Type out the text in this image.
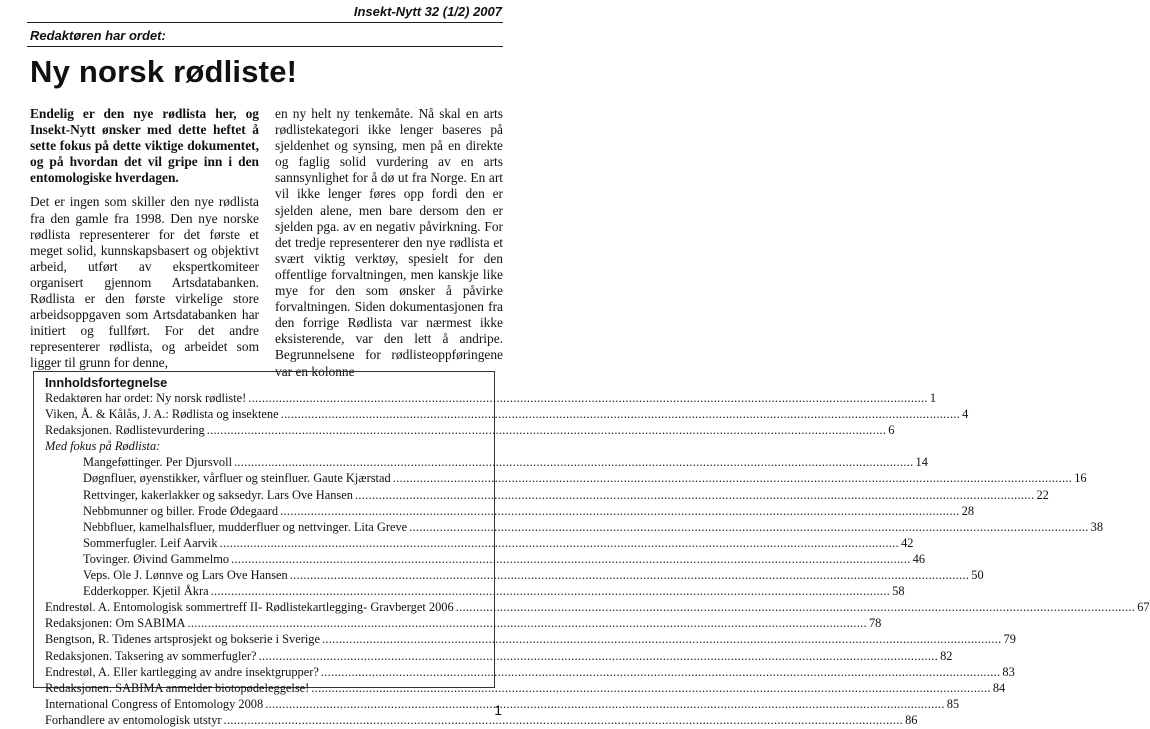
Insekt-Nytt 32 (1/2) 2007
Redaktøren har ordet:
Ny norsk rødliste!

Endelig er den nye rødlista her, og Insekt-Nytt ønsker med dette heftet å sette fokus på dette viktige dokumentet, og på hvordan det vil gripe inn i den entomologiske hverdagen.

Det er ingen som skiller den nye rødlista fra den gamle fra 1998. Den nye norske rødlista representerer for det første et meget solid, kunnskapsbasert og objektivt arbeid, utført av ekspertkomiteer organisert gjennom Artsdatabanken. Rødlista er den første virkelige store arbeidsoppgaven som Artsdatabanken har initiert og fullført. For det andre representerer rødlista, og arbeidet som ligger til grunn for denne,

en ny helt ny tenkemåte. Nå skal en arts rødlistekategori ikke lenger baseres på sjeldenhet og synsing, men på en direkte og faglig solid vurdering av en arts sannsynlighet for å dø ut fra Norge. En art vil ikke lenger føres opp fordi den er sjelden alene, men bare dersom den er sjelden pga. av en negativ påvirkning. For det tredje representerer den nye rødlista et svært viktig verktøy, spesielt for den offentlige forvaltningen, men kanskje like mye for den som ønsker å påvirke forvaltningen. Siden dokumentasjonen fra den forrige Rødlista var nærmest ikke eksisterende, var den lett å andripe. Begrunnelsene for rødlisteoppføringene var en kolonne

Innholdsfortegnelse
Redaktøren har ordet: Ny norsk rødliste! .....	1
Viken, Å. & Kålås, J. A.: Rødlista og insektene .....	4
Redaksjonen. Rødlistevurdering .....	6
Med fokus på Rødlista:
Mangeføttinger. Per Djursvoll .....	14
Døgnfluer, øyenstikker, vårfluer og steinfluer. Gaute Kjærstad .....	16
Rettvinger, kakerlakker og saksedyr. Lars Ove Hansen .....	22
Nebbmunner og biller. Frode Ødegaard .....	28
Nebbfluer, kamelhalsfluer, mudderfluer og nettvinger. Lita Greve .....	38
Sommerfugler. Leif Aarvik .....	42
Tovinger. Øivind Gammelmo .....	46
Veps. Ole J. Lønnve og Lars Ove Hansen .....	50
Edderkopper. Kjetil Åkra .....	58
Endrestøl. A. Entomologisk sommertreff II- Rødlistekartlegging- Gravberget 2006 .....	67
Redaksjonen: Om SABIMA .....	78
Bengtson, R. Tidenes artsprosjekt og bokserie i Sverige .....	79
Redaksjonen. Taksering av sommerfugler? .....	82
Endrestøl, A. Eller kartlegging av andre insektgrupper? .....	83
Redaksjonen. SABIMA anmelder biotopødeleggelse! .....	84
International Congress of Entomology 2008 .....	85
Forhandlere av entomologisk utstyr .....	86
1
